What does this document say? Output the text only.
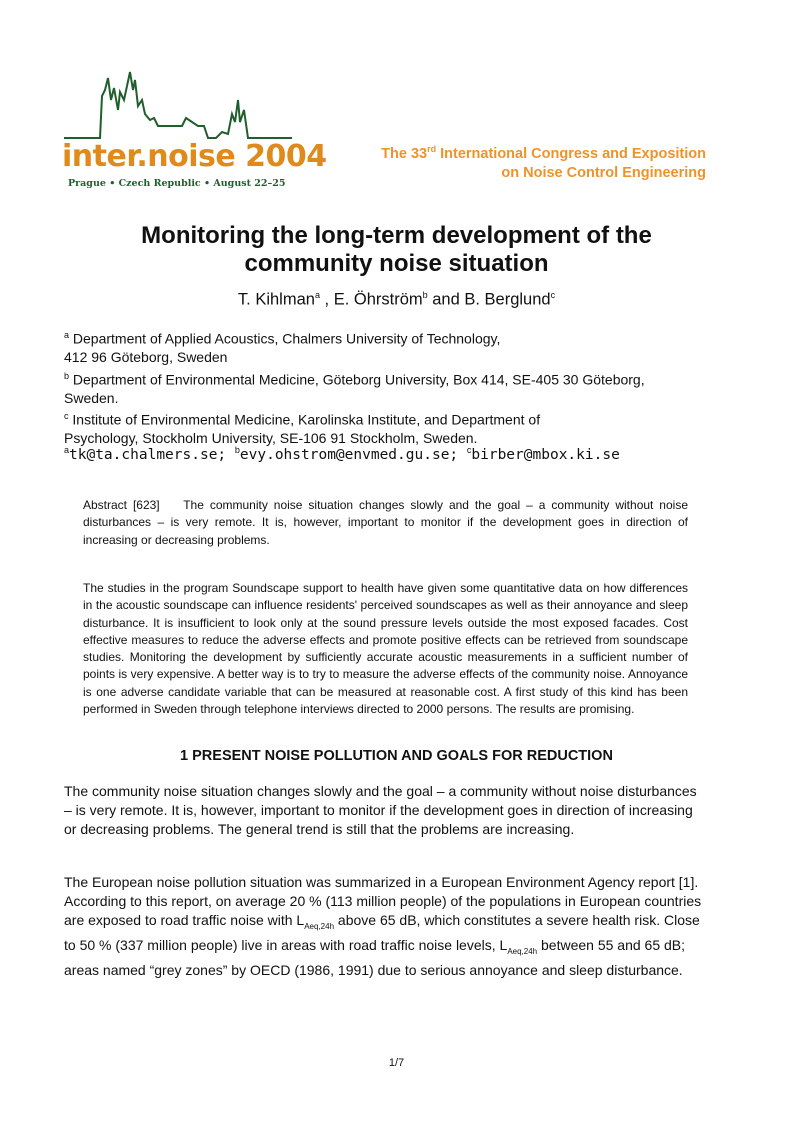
inter.noise 2004
Prague • Czech Republic • August 22–25
The 33rd International Congress and Exposition
on Noise Control Engineering
Monitoring the long-term development of the
community noise situation
T. Kihlman$^a$ , E. Öhrström$^b$ and B. Berglund$^c$
$^a$ Department of Applied Acoustics, Chalmers University of Technology,
412 96 Göteborg, Sweden
$^b$ Department of Environmental Medicine, Göteborg University, Box 414, SE-405 30 Göteborg,
Sweden.
$^c$ Institute of Environmental Medicine, Karolinska Institute, and Department of
Psychology, Stockholm University, SE-106 91 Stockholm, Sweden.
$^a$tk@ta.chalmers.se; $^b$evy.ohstrom@envmed.gu.se; $^c$birber@mbox.ki.se

Abstract [623] The community noise situation changes slowly and the goal – a community without noise disturbances – is very remote. It is, however, important to monitor if the development goes in direction of increasing or decreasing problems.

The studies in the program Soundscape support to health have given some quantitative data on how differences in the acoustic soundscape can influence residents' perceived soundscapes as well as their annoyance and sleep disturbance. It is insufficient to look only at the sound pressure levels outside the most exposed facades. Cost effective measures to reduce the adverse effects and promote positive effects can be retrieved from soundscape studies. Monitoring the development by sufficiently accurate acoustic measurements in a sufficient number of points is very expensive. A better way is to try to measure the adverse effects of the community noise. Annoyance is one adverse candidate variable that can be measured at reasonable cost. A first study of this kind has been performed in Sweden through telephone interviews directed to 2000 persons. The results are promising.

1 PRESENT NOISE POLLUTION AND GOALS FOR REDUCTION

The community noise situation changes slowly and the goal – a community without noise disturbances – is very remote. It is, however, important to monitor if the development goes in direction of increasing or decreasing problems. The general trend is still that the problems are increasing.

The European noise pollution situation was summarized in a European Environment Agency report [1]. According to this report, on average 20 % (113 million people) of the populations in European countries are exposed to road traffic noise with $L_{Aeq,24h}$ above 65 dB, which constitutes a severe health risk. Close to 50 % (337 million people) live in areas with road traffic noise levels, $L_{Aeq,24h}$ between 55 and 65 dB; areas named “grey zones” by OECD (1986, 1991) due to serious annoyance and sleep disturbance.

1/7
